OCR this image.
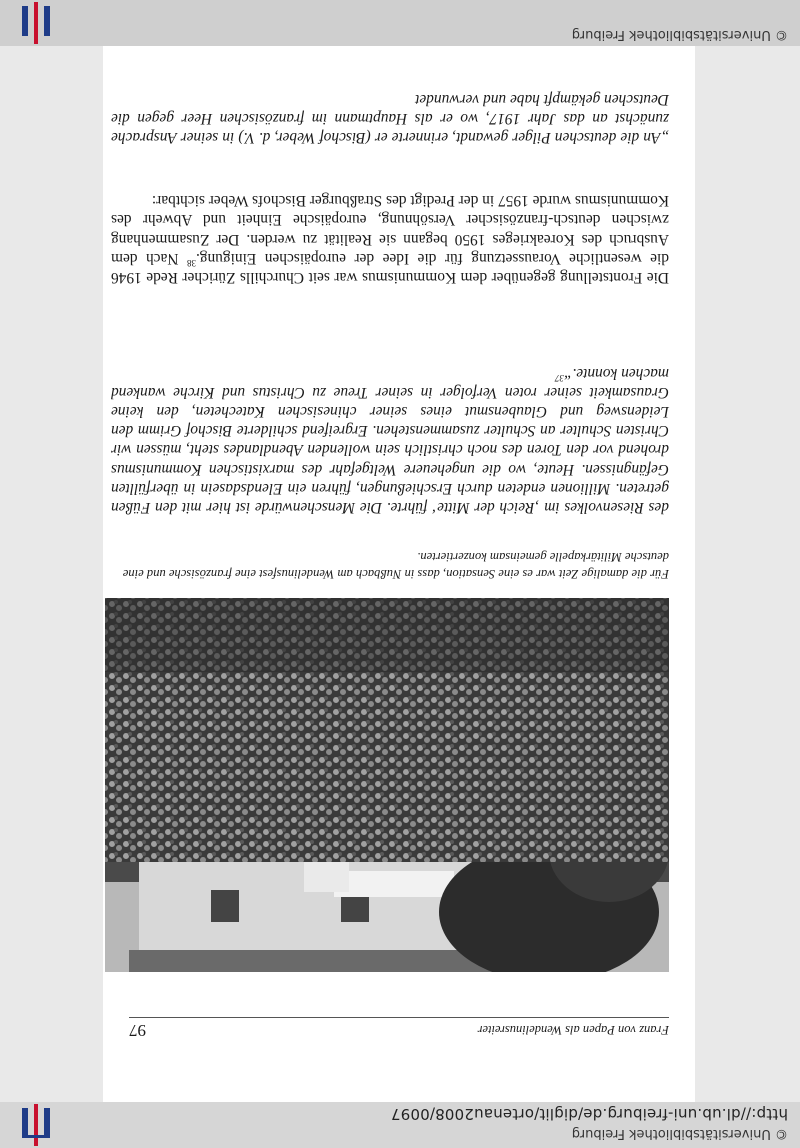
© Universitätsbibliothek Freiburg
http://dl.ub.uni-freiburg.de/diglit/ortenau2008/0097
Franz von Papen als Wendelinusreiter
97
Für die damalige Zeit war es eine Sensation, dass in Nußbach am Wendelinusfest eine französische und eine deutsche Militärkapelle gemeinsam konzertierten.
des Riesenvolkes im ‚Reich der Mitte‘ führte. Die Menschenwürde ist hier mit den Füßen getreten. Millionen endeten durch Erschießungen, führen ein Elendsdasein in überfüllten Gefängnissen. Heute, wo die ungeheuere Weltgefahr des marxistischen Kommunismus drohend vor den Toren des noch christlich sein wollenden Abendlandes steht, müssen wir Christen Schulter an Schulter zusammenstehen. Ergreifend schilderte Bischof Grimm den Leidensweg und Glaubensmut eines seiner chinesischen Katecheten, den keine Grausamkeit seiner roten Verfolger in seiner Treue zu Christus und Kirche wankend machen konnte.“$^{37}$
Die Frontstellung gegenüber dem Kommunismus war seit Churchills Züricher Rede 1946 die wesentliche Voraussetzung für die Idee der europäischen Einigung.$^{38}$ Nach dem Ausbruch des Koreakrieges 1950 begann sie Realität zu werden. Der Zusammenhang zwischen deutsch-französischer Versöhnung, europäische Einheit und Abwehr des Kommunismus wurde 1957 in der Predigt des Straßburger Bischofs Weber sichtbar:
„An die deutschen Pilger gewandt, erinnerte er (Bischof Weber, d. V.) in seiner Ansprache zunächst an das Jahr 1917, wo er als Hauptmann im französischen Heer gegen die Deutschen gekämpft habe und verwundet
© Universitätsbibliothek Freiburg
